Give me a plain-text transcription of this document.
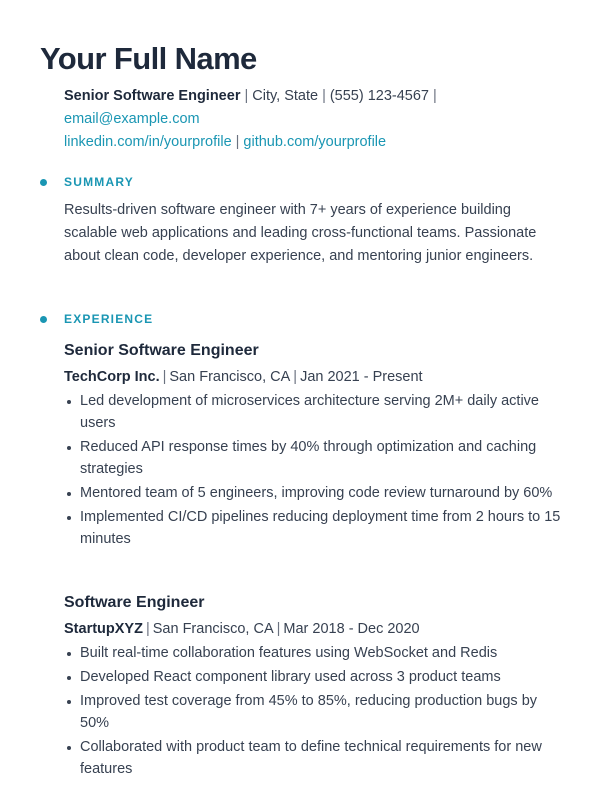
Your Full Name
Senior Software Engineer | City, State | (555) 123-4567 |
email@example.com
linkedin.com/in/yourprofile | github.com/yourprofile
SUMMARY

Results-driven software engineer with 7+ years of experience building scalable web applications and leading cross-functional teams. Passionate about clean code, developer experience, and mentoring junior engineers.

EXPERIENCE
Senior Software Engineer
TechCorp Inc. | San Francisco, CA | Jan 2021 - Present
Led development of microservices architecture serving 2M+ daily active users
Reduced API response times by 40% through optimization and caching strategies
Mentored team of 5 engineers, improving code review turnaround by 60%
Implemented CI/CD pipelines reducing deployment time from 2 hours to 15 minutes
Software Engineer
StartupXYZ | San Francisco, CA | Mar 2018 - Dec 2020
Built real-time collaboration features using WebSocket and Redis
Developed React component library used across 3 product teams
Improved test coverage from 45% to 85%, reducing production bugs by 50%
Collaborated with product team to define technical requirements for new features
